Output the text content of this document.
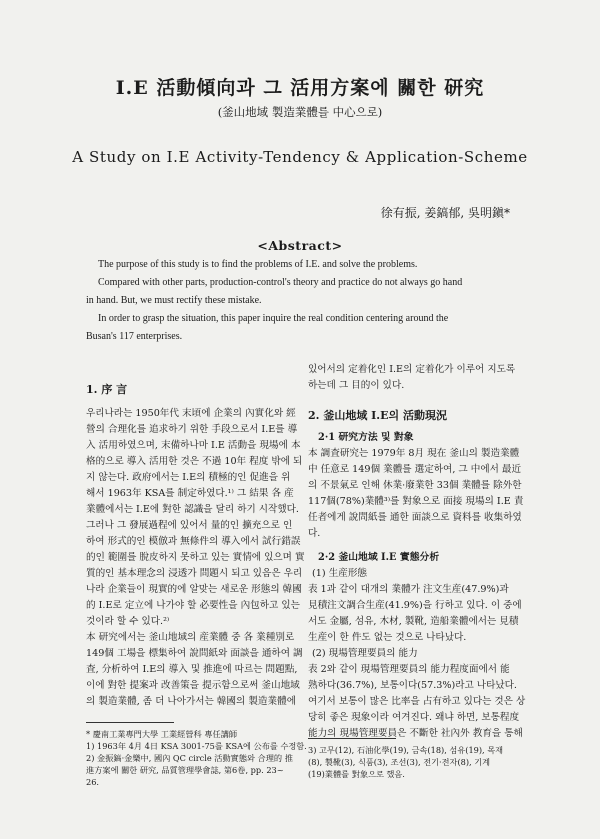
I.E 活動傾向과 그 活用方案에 關한 研究
(釜山地域 製造業體를 中心으로)
A Study on I.E Activity-Tendency & Application-Scheme
徐有振, 姜鎬郁, 吳明鎭*
<Abstract>

The purpose of this study is to find the problems of I.E. and solve the problems.

Compared with other parts, production-control's theory and practice do not always go hand

in hand. But, we must rectify these mistake.

In order to grasp the situation, this paper inquire the real condition centering around the

Busan's 117 enterprises.

1. 序 言

우리나라는 1950年代 末頃에 企業의 內實化와 經

營의 合理化를 追求하기 위한 手段으로서 I.E를 導

入 活用하였으며, 末備하나마 I.E 活動을 現場에 本

格的으로 導入 活用한 것은 不過 10年 程度 밖에 되

지 않는다. 政府에서는 I.E의 積極的인 促進을 위

해서 1963年 KSA를 制定하였다.¹⁾ 그 結果 各 産

業體에서는 I.E에 對한 認識을 달리 하기 시작했다.

그러나 그 發展過程에 있어서 量的인 擴充으로 인

하여 形式的인 模倣과 無條件의 導入에서 試行錯誤

的인 範圍를 脫皮하지 못하고 있는 實情에 있으며 實

質的인 基本理念의 浸透가 問題시 되고 있음은 우리

나라 企業들이 現實的에 알맞는 새로운 形態의 韓國

的 I.E로 定立에 나가야 할 必要性을 內包하고 있는

것이라 할 수 있다.²⁾

本 研究에서는 釜山地域의 産業體 중 各 業種別로

149個 工場을 標集하여 說問紙와 面談을 通하여 調

査, 分析하여 I.E의 導入 및 推進에 따르는 問題點,

이에 對한 提案과 改善策을 提示함으로써 釜山地域

의 製造業體, 좀 더 나아가서는 韓國의 製造業體에

있어서의 定着化인 I.E의 定着化가 이루어 지도록

하는데 그 目的이 있다.

2. 釜山地域 I.E의 活動現況

2·1 研究方法 및 對象

本 調査研究는 1979年 8月 現在 釜山의 製造業體

中 任意로 149個 業體를 選定하여, 그 中에서 最近

의 不景氣로 인해 休業·廢業한 33個 業體를 除外한

117個(78%)業體³⁾를 對象으로 面接 現場의 I.E 責

任者에게 說問紙를 通한 面談으로 資料를 收集하였

다.

2·2 釜山地域 I.E 實態分析

(1) 生産形態

表 1과 같이 대개의 業體가 注文生産(47.9%)과

見積注文調合生産(41.9%)을 行하고 있다. 이 중에

서도 金屬, 섬유, 木材, 製靴, 造船業體에서는 見積

生産이 한 件도 없는 것으로 나타났다.

(2) 現場管理要員의 能力

表 2와 같이 現場管理要員의 能力程度面에서 能

熟하다(36.7%), 보통이다(57.3%)라고 나타났다.

여기서 보통이 많은 比率을 占有하고 있다는 것은 상

당히 좋은 現象이라 여겨진다. 왜냐 하면, 보통程度

能力의 現場管理要員은 不斷한 社內外 教育을 통해

* 慶南工業專門大學 工業經營科 專任講師

1) 1963年 4月 4日 KSA 3001-75를 KSA에 公布를 수정함.

2) 金振鎬·金樂中, 國內 QC circle 活動實態와 合理的 推

進方案에 關한 研究, 品質管理學會誌, 第6卷, pp. 23~

26.

3) 고무(12), 石油化學(19), 금속(18), 섬유(19), 목재

(8), 製靴(3), 식품(3), 조선(3), 전기·전자(8), 기계

(19)業體를 對象으로 했음.
